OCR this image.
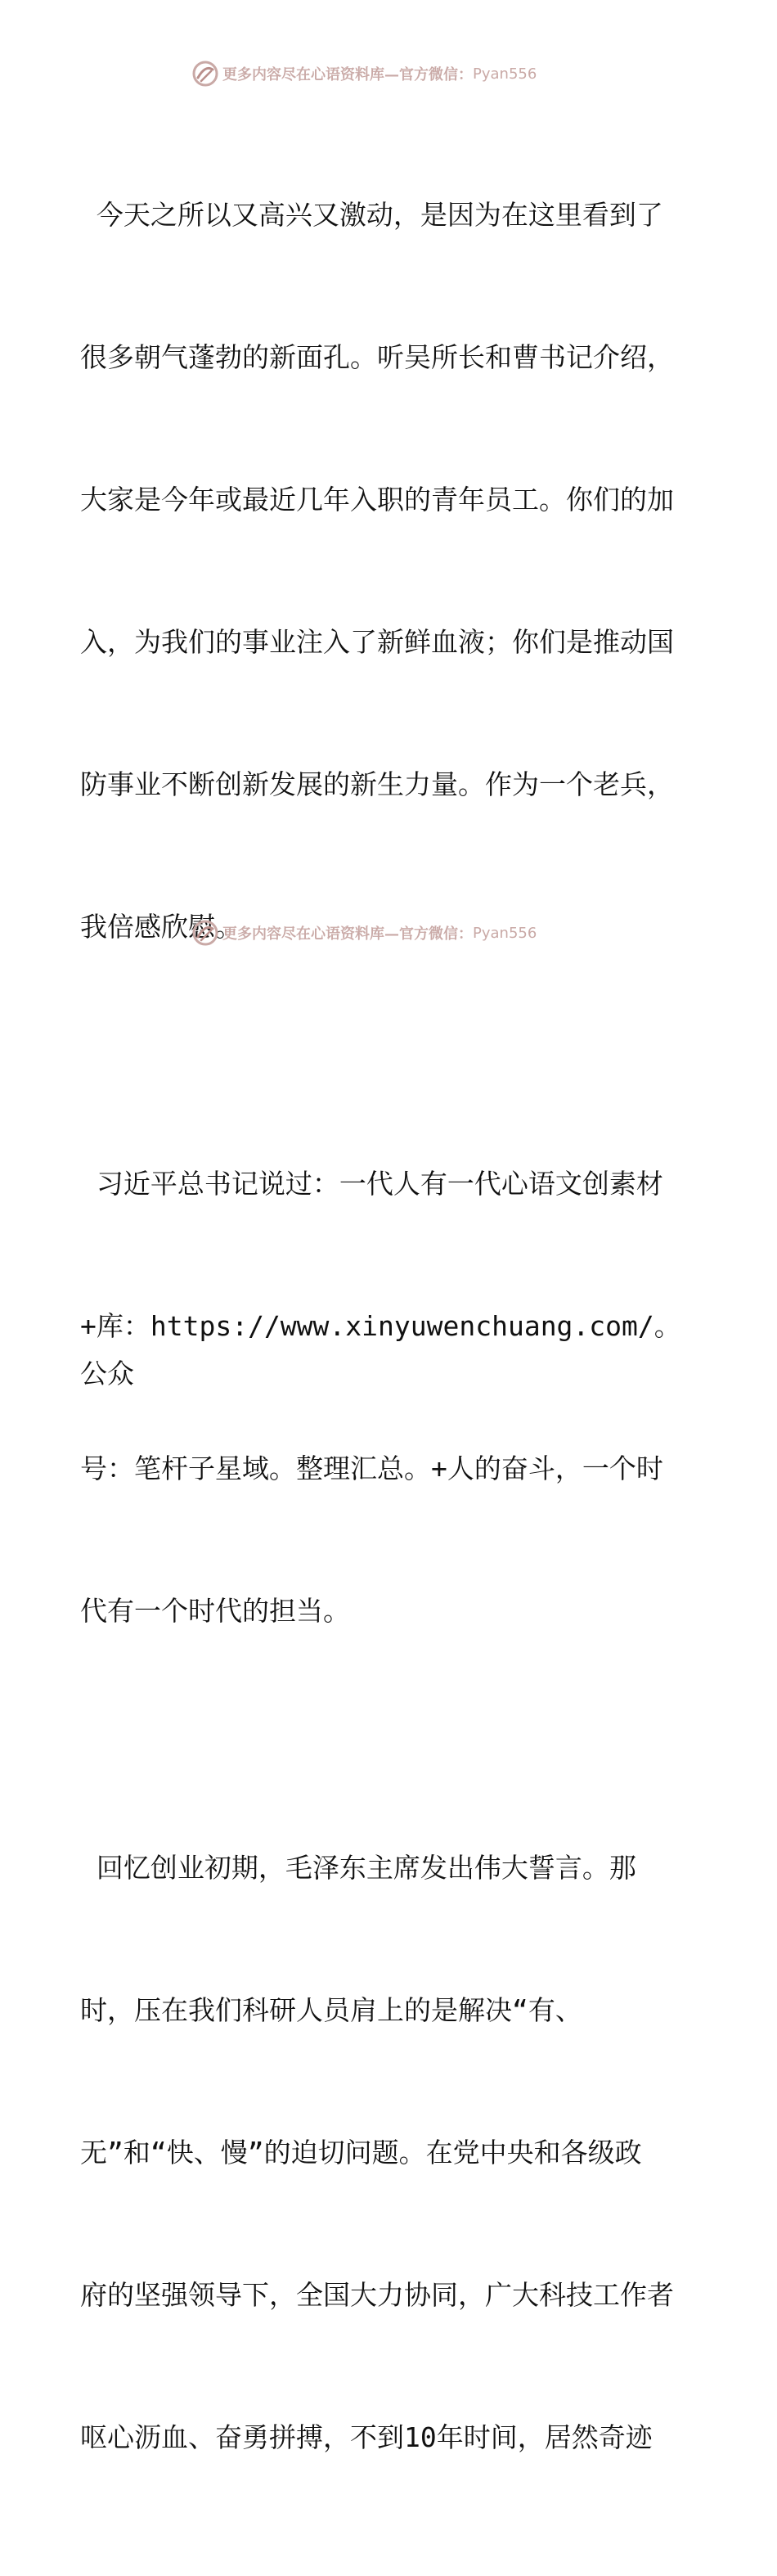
更多内容尽在心语资料库—官方微信： Pyan556

今天之所以又高兴又激动，是因为在这里看到了

很多朝气蓬勃的新面孔。听吴所长和曹书记介绍，

大家是今年或最近几年入职的青年员工。你们的加

入，为我们的事业注入了新鲜血液；你们是推动国

防事业不断创新发展的新生力量。作为一个老兵，

我倍感欣慰。

习近平总书记说过：一代人有一代心语文创素材

+库：https://www.xinyuwenchuang.com/。公众

号：笔杆子星域。整理汇总。+人的奋斗，一个时

代有一个时代的担当。

回忆创业初期，毛泽东主席发出伟大誓言。那

时，压在我们科研人员肩上的是解决“有、

无”和“快、慢”的迫切问题。在党中央和各级政

府的坚强领导下，全国大力协同，广大科技工作者

呕心沥血、奋勇拼搏，不到10年时间，居然奇迹

更多内容尽在心语资料库—官方微信： Pyan556
